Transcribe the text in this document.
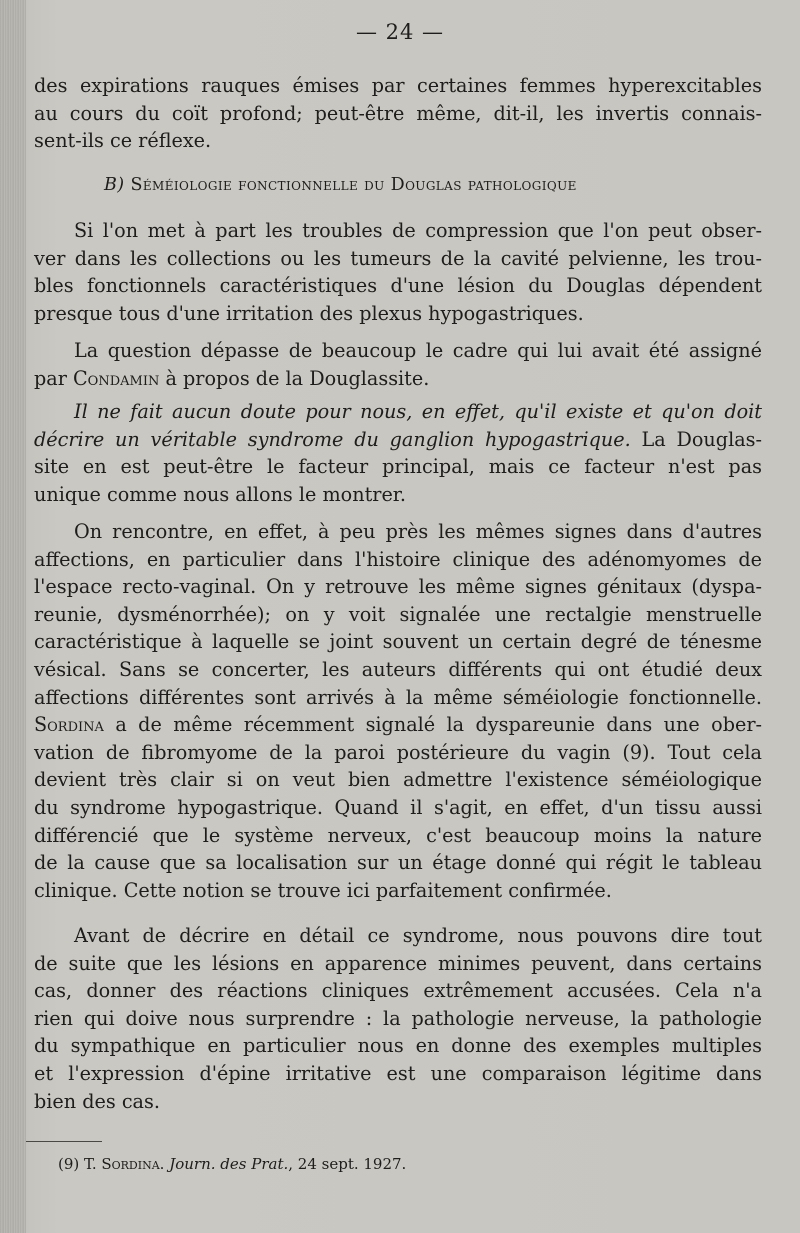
— 24 —
des expirations rauques émises par certaines femmes hyperexcitables
au cours du coït profond; peut-être même, dit-il, les invertis connais-
sent-ils ce réflexe.
B) Séméiologie fonctionnelle du Douglas pathologique
Si l'on met à part les troubles de compression que l'on peut obser-
ver dans les collections ou les tumeurs de la cavité pelvienne, les trou-
bles fonctionnels caractéristiques d'une lésion du Douglas dépendent
presque tous d'une irritation des plexus hypogastriques.
La question dépasse de beaucoup le cadre qui lui avait été assigné
par Condamin à propos de la Douglassite.
Il ne fait aucun doute pour nous, en effet, qu'il existe et qu'on doit
décrire un véritable syndrome du ganglion hypogastrique. La Douglas-
site en est peut-être le facteur principal, mais ce facteur n'est pas
unique comme nous allons le montrer.
On rencontre, en effet, à peu près les mêmes signes dans d'autres
affections, en particulier dans l'histoire clinique des adénomyomes de
l'espace recto-vaginal. On y retrouve les même signes génitaux (dyspa-
reunie, dysménorrhée); on y voit signalée une rectalgie menstruelle
caractéristique à laquelle se joint souvent un certain degré de ténesme
vésical. Sans se concerter, les auteurs différents qui ont étudié deux
affections différentes sont arrivés à la même séméiologie fonctionnelle.
Sordina a de même récemment signalé la dyspareunie dans une ober-
vation de fibromyome de la paroi postérieure du vagin (9). Tout cela
devient très clair si on veut bien admettre l'existence séméiologique
du syndrome hypogastrique. Quand il s'agit, en effet, d'un tissu aussi
différencié que le système nerveux, c'est beaucoup moins la nature
de la cause que sa localisation sur un étage donné qui régit le tableau
clinique. Cette notion se trouve ici parfaitement confirmée.
Avant de décrire en détail ce syndrome, nous pouvons dire tout
de suite que les lésions en apparence minimes peuvent, dans certains
cas, donner des réactions cliniques extrêmement accusées. Cela n'a
rien qui doive nous surprendre : la pathologie nerveuse, la pathologie
du sympathique en particulier nous en donne des exemples multiples
et l'expression d'épine irritative est une comparaison légitime dans
bien des cas.
(9) T. Sordina. Journ. des Prat., 24 sept. 1927.
